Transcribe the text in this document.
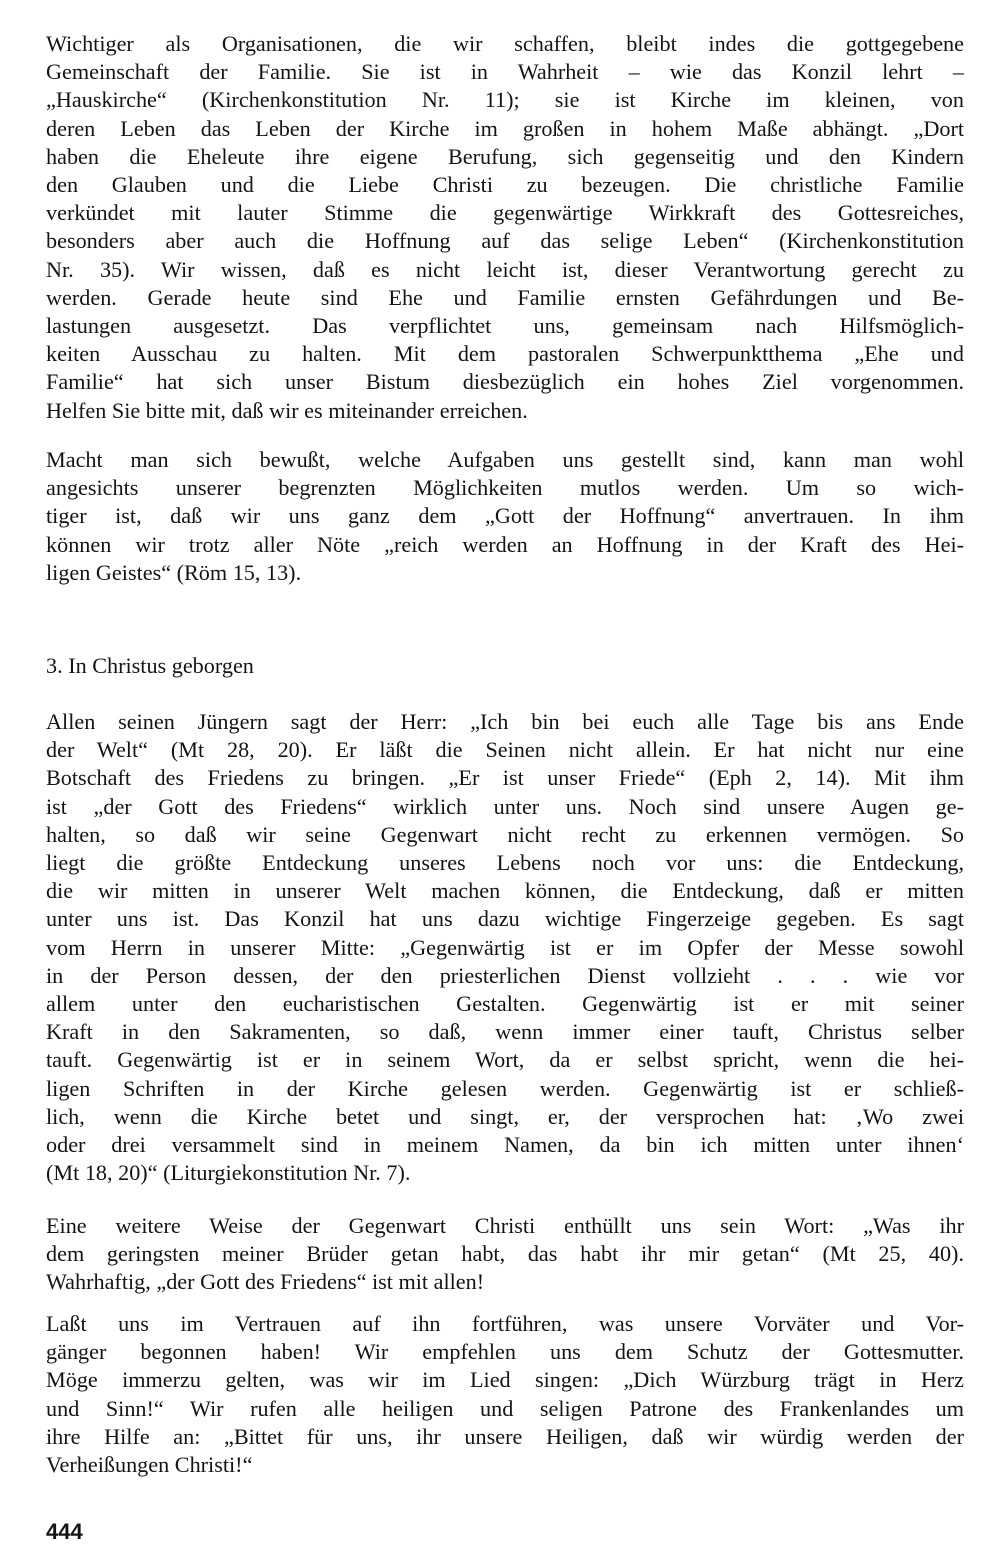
Wichtiger als Organisationen, die wir schaffen, bleibt indes die gottgegebene
Gemeinschaft der Familie. Sie ist in Wahrheit – wie das Konzil lehrt –
„Hauskirche“ (Kirchenkonstitution Nr. 11); sie ist Kirche im kleinen, von
deren Leben das Leben der Kirche im großen in hohem Maße abhängt. „Dort
haben die Eheleute ihre eigene Berufung, sich gegenseitig und den Kindern
den Glauben und die Liebe Christi zu bezeugen. Die christliche Familie
verkündet mit lauter Stimme die gegenwärtige Wirkkraft des Gottesreiches,
besonders aber auch die Hoffnung auf das selige Leben“ (Kirchenkonstitution
Nr. 35). Wir wissen, daß es nicht leicht ist, dieser Verantwortung gerecht zu
werden. Gerade heute sind Ehe und Familie ernsten Gefährdungen und Be-
lastungen ausgesetzt. Das verpflichtet uns, gemeinsam nach Hilfsmöglich-
keiten Ausschau zu halten. Mit dem pastoralen Schwerpunktthema „Ehe und
Familie“ hat sich unser Bistum diesbezüglich ein hohes Ziel vorgenommen.
Helfen Sie bitte mit, daß wir es miteinander erreichen.
Macht man sich bewußt, welche Aufgaben uns gestellt sind, kann man wohl
angesichts unserer begrenzten Möglichkeiten mutlos werden. Um so wich-
tiger ist, daß wir uns ganz dem „Gott der Hoffnung“ anvertrauen. In ihm
können wir trotz aller Nöte „reich werden an Hoffnung in der Kraft des Hei-
ligen Geistes“ (Röm 15, 13).
3. In Christus geborgen
Allen seinen Jüngern sagt der Herr: „Ich bin bei euch alle Tage bis ans Ende
der Welt“ (Mt 28, 20). Er läßt die Seinen nicht allein. Er hat nicht nur eine
Botschaft des Friedens zu bringen. „Er ist unser Friede“ (Eph 2, 14). Mit ihm
ist „der Gott des Friedens“ wirklich unter uns. Noch sind unsere Augen ge-
halten, so daß wir seine Gegenwart nicht recht zu erkennen vermögen. So
liegt die größte Entdeckung unseres Lebens noch vor uns: die Entdeckung,
die wir mitten in unserer Welt machen können, die Entdeckung, daß er mitten
unter uns ist. Das Konzil hat uns dazu wichtige Fingerzeige gegeben. Es sagt
vom Herrn in unserer Mitte: „Gegenwärtig ist er im Opfer der Messe sowohl
in der Person dessen, der den priesterlichen Dienst vollzieht . . . wie vor
allem unter den eucharistischen Gestalten. Gegenwärtig ist er mit seiner
Kraft in den Sakramenten, so daß, wenn immer einer tauft, Christus selber
tauft. Gegenwärtig ist er in seinem Wort, da er selbst spricht, wenn die hei-
ligen Schriften in der Kirche gelesen werden. Gegenwärtig ist er schließ-
lich, wenn die Kirche betet und singt, er, der versprochen hat: ‚Wo zwei
oder drei versammelt sind in meinem Namen, da bin ich mitten unter ihnen‘
(Mt 18, 20)“ (Liturgiekonstitution Nr. 7).
Eine weitere Weise der Gegenwart Christi enthüllt uns sein Wort: „Was ihr
dem geringsten meiner Brüder getan habt, das habt ihr mir getan“ (Mt 25, 40).
Wahrhaftig, „der Gott des Friedens“ ist mit allen!
Laßt uns im Vertrauen auf ihn fortführen, was unsere Vorväter und Vor-
gänger begonnen haben! Wir empfehlen uns dem Schutz der Gottesmutter.
Möge immerzu gelten, was wir im Lied singen: „Dich Würzburg trägt in Herz
und Sinn!“ Wir rufen alle heiligen und seligen Patrone des Frankenlandes um
ihre Hilfe an: „Bittet für uns, ihr unsere Heiligen, daß wir würdig werden der
Verheißungen Christi!“
444
